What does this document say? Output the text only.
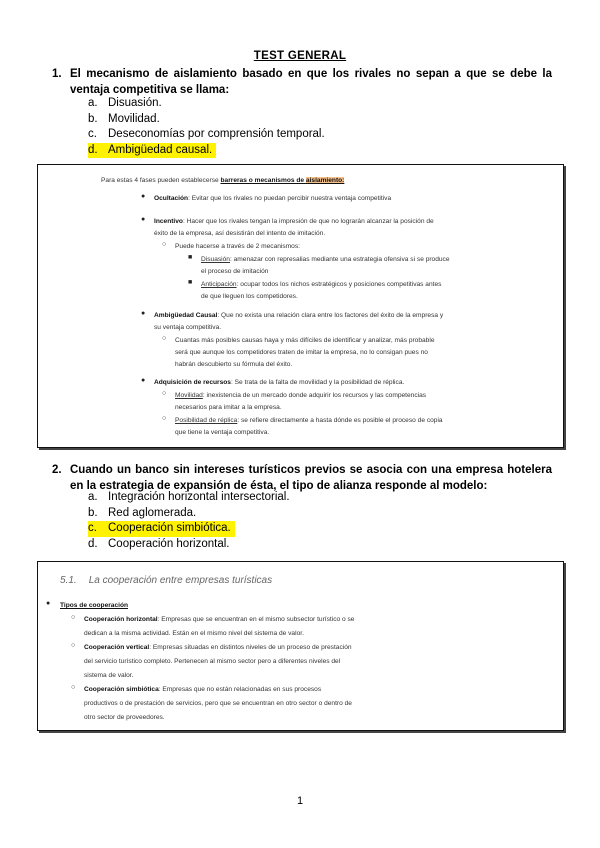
TEST GENERAL
1. El mecanismo de aislamiento basado en que los rivales no sepan a que se debe la ventaja competitiva se llama:
a. Disuasión.
b. Movilidad.
c. Deseconomías por comprensión temporal.
d. Ambigüedad causal.
Para estas 4 fases pueden establecerse barreras o mecanismos de aislamiento:
● Ocultación: Evitar que los rivales no puedan percibir nuestra ventaja competitiva
● Incentivo: Hacer que los rivales tengan la impresión de que no lograrán alcanzar la posición de
éxito de la empresa, así desistirán del intento de imitación.
○ Puede hacerse a través de 2 mecanismos:
■ Disuasión: amenazar con represalias mediante una estrategia ofensiva si se produce
el proceso de imitación
■ Anticipación: ocupar todos los nichos estratégicos y posiciones competitivas antes
de que lleguen los competidores.
● Ambigüedad Causal: Que no exista una relación clara entre los factores del éxito de la empresa y
su ventaja competitiva.
○ Cuantas más posibles causas haya y más difíciles de identificar y analizar, más probable
será que aunque los competidores traten de imitar la empresa, no lo consigan pues no
habrán descubierto su fórmula del éxito.
● Adquisición de recursos: Se trata de la falta de movilidad y la posibilidad de réplica.
○ Movilidad: inexistencia de un mercado donde adquirir los recursos y las competencias
necesarios para imitar a la empresa.
○ Posibilidad de réplica: se refiere directamente a hasta dónde es posible el proceso de copia
que tiene la ventaja competitiva.
2. Cuando un banco sin intereses turísticos previos se asocia con una empresa hotelera en la estrategia de expansión de ésta, el tipo de alianza responde al modelo:
a. Integración horizontal intersectorial.
b. Red aglomerada.
c. Cooperación simbiótica.
d. Cooperación horizontal.
5.1. La cooperación entre empresas turísticas
● Tipos de cooperación
○ Cooperación horizontal: Empresas que se encuentran en el mismo subsector turístico o se
dedican a la misma actividad. Están en el mismo nivel del sistema de valor.
○ Cooperación vertical: Empresas situadas en distintos niveles de un proceso de prestación
del servicio turístico completo. Pertenecen al mismo sector pero a diferentes niveles del
sistema de valor.
○ Cooperación simbiótica: Empresas que no están relacionadas en sus procesos
productivos o de prestación de servicios, pero que se encuentran en otro sector o dentro de
otro sector de proveedores.
1
